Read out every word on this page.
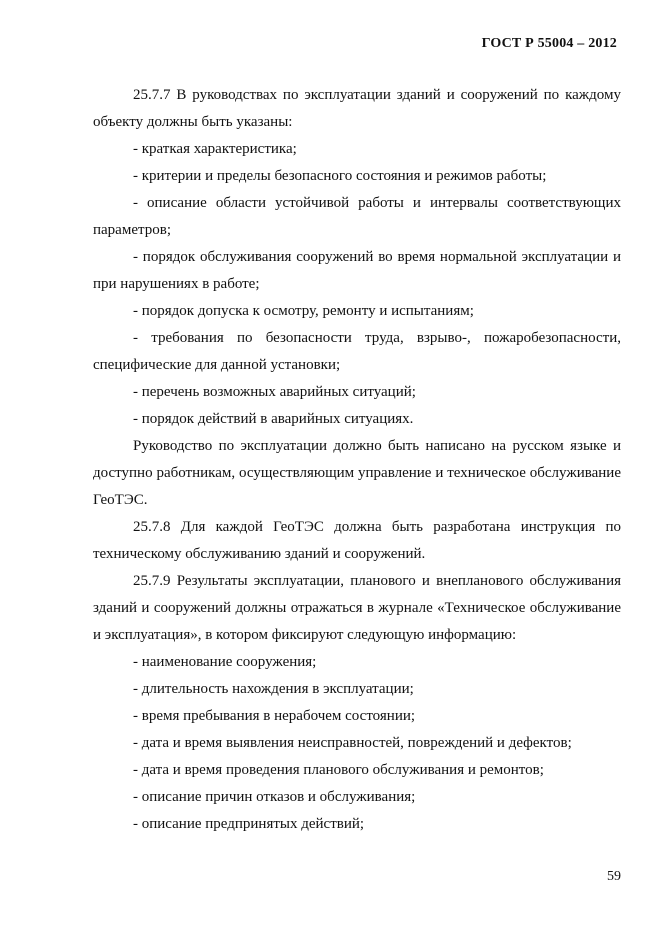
ГОСТ Р 55004 – 2012

25.7.7 В руководствах по эксплуатации зданий и сооружений по каждому объекту должны быть указаны:

- краткая характеристика;

- критерии и пределы безопасного состояния и режимов работы;

- описание области устойчивой работы и интервалы соответствующих параметров;

- порядок обслуживания сооружений во время нормальной эксплуатации и при нарушениях в работе;

- порядок допуска к осмотру, ремонту и испытаниям;

- требования по безопасности труда, взрыво-, пожаробезопасности, специфические для данной установки;

- перечень возможных аварийных ситуаций;

- порядок действий в аварийных ситуациях.

Руководство по эксплуатации должно быть написано на русском языке и доступно работникам, осуществляющим управление и техническое обслуживание ГеоТЭС.

25.7.8 Для каждой ГеоТЭС должна быть разработана инструкция по техническому обслуживанию зданий и сооружений.

25.7.9 Результаты эксплуатации, планового и внепланового обслуживания зданий и сооружений должны отражаться в журнале «Техническое обслуживание и эксплуатация», в котором фиксируют следующую информацию:

- наименование сооружения;

- длительность нахождения в эксплуатации;

- время пребывания в нерабочем состоянии;

- дата и время выявления неисправностей, повреждений и дефектов;

- дата и время проведения планового обслуживания и ремонтов;

- описание причин отказов и обслуживания;

- описание предпринятых действий;

59
